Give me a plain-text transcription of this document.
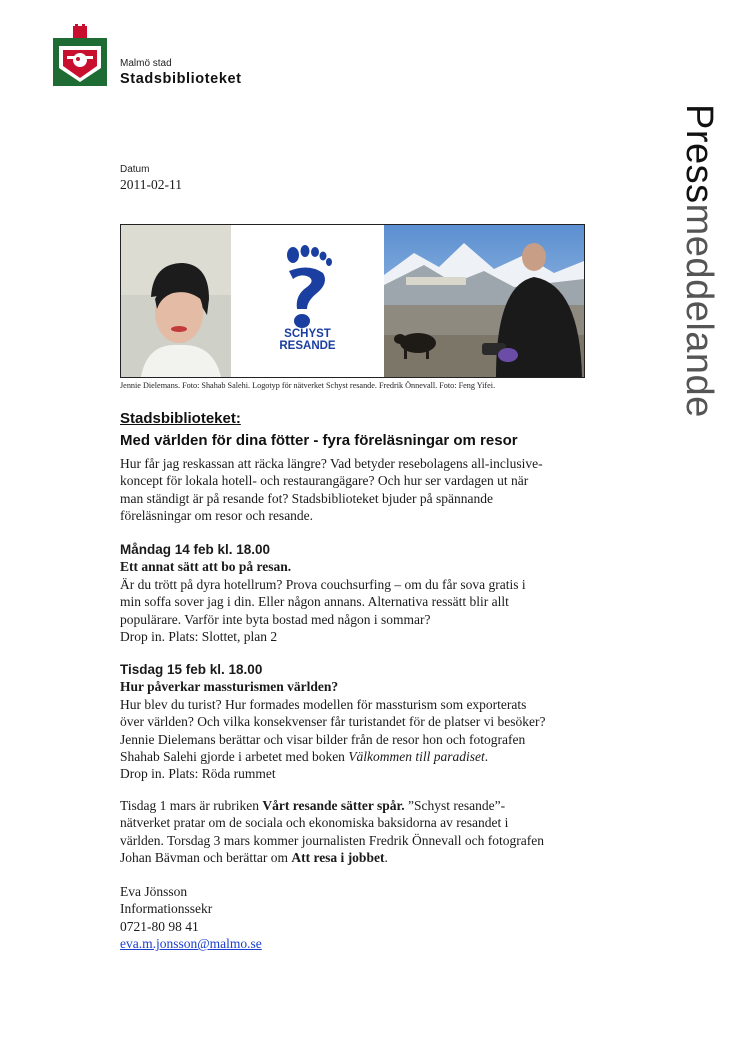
Malmö stad
Stadsbiblioteket
Pressmeddelande
Datum
2011-02-11
SCHYST
RESANDE
Jennie Dielemans. Foto: Shahab Salehi. Logotyp för nätverket Schyst resande. Fredrik Önnevall. Foto: Feng Yifei.
Stadsbiblioteket:
Med världen för dina fötter - fyra föreläsningar om resor

Hur får jag reskassan att räcka längre? Vad betyder resebolagens all-inclusive-

koncept för lokala hotell- och restaurangägare? Och hur ser vardagen ut när

man ständigt är på resande fot? Stadsbiblioteket bjuder på spännande

föreläsningar om resor och resande.

Måndag 14 feb kl. 18.00

Ett annat sätt att bo på resan.

Är du trött på dyra hotellrum? Prova couchsurfing – om du får sova gratis i

min soffa sover jag i din. Eller någon annans. Alternativa ressätt blir allt

populärare. Varför inte byta bostad med någon i sommar?

Drop in. Plats: Slottet, plan 2

Tisdag 15 feb kl. 18.00

Hur påverkar massturismen världen?

Hur blev du turist? Hur formades modellen för massturism som exporterats

över världen? Och vilka konsekvenser får turistandet för de platser vi besöker?

Jennie Dielemans berättar och visar bilder från de resor hon och fotografen

Shahab Salehi gjorde i arbetet med boken Välkommen till paradiset.

Drop in. Plats: Röda rummet

Tisdag 1 mars är rubriken Vårt resande sätter spår. ”Schyst resande”-

nätverket pratar om de sociala och ekonomiska baksidorna av resandet i

världen. Torsdag 3 mars kommer journalisten Fredrik Önnevall och fotografen

Johan Bävman och berättar om Att resa i jobbet.

Eva Jönsson

Informationssekr

0721-80 98 41

eva.m.jonsson@malmo.se
